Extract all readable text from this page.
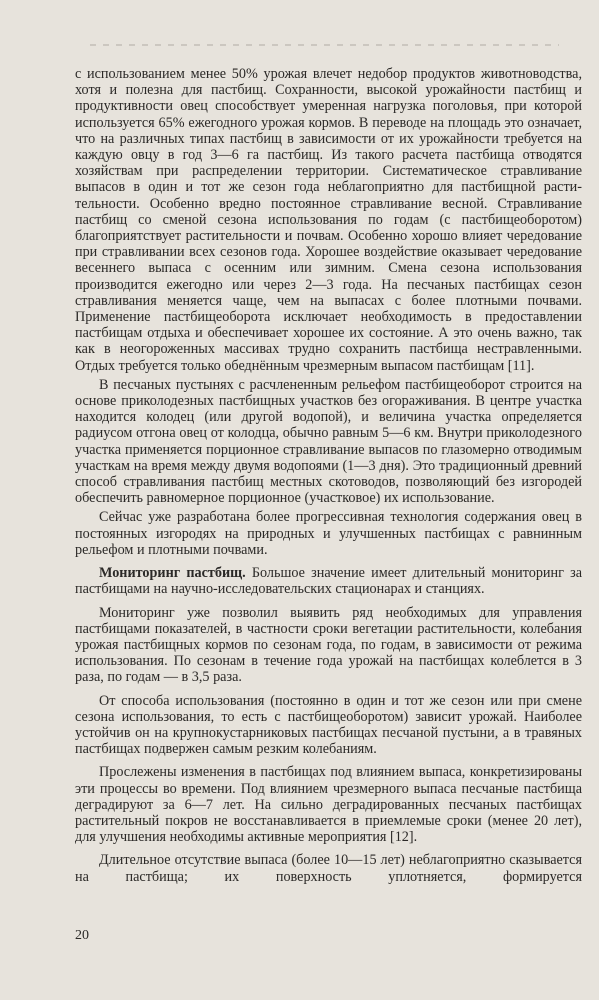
с использованием менее 50% урожая влечет недобор продуктов животноводства, хотя и полезна для пастбищ. Сохранности, высокой урожайности пастбищ и продуктивности овец способствует умеренная нагрузка поголовья, при которой используется 65% ежегодного урожая кормов. В переводе на площадь это означает, что на различных типах пастбищ в зависимости от их урожайности требуется на каждую овцу в год 3—6 га пастбищ. Из такого расчета пастбища отводятся хозяйствам при распределении территории. Систематическое стравливание выпасов в один и тот же сезон года неблагоприятно для пастбищной растительности. Особенно вредно постоянное стравливание весной. Стравливание пастбищ со сменой сезона использования по годам (с пастбищеоборотом) благоприятствует растительности и почвам. Особенно хорошо влияет чередование при стравливании всех сезонов года. Хорошее воздействие оказывает чередование весеннего выпаса с осенним или зимним. Смена сезона использования производится ежегодно или через 2—3 года. На песчаных пастбищах сезон стравливания меняется чаще, чем на выпасах с более плотными почвами. Применение пастбищеоборота исключает необходимость в предоставлении пастбищам отдыха и обеспечивает хорошее их состояние. А это очень важно, так как в неогороженных массивах трудно сохранить пастбища нестравленными. Отдых требуется только обеднённым чрезмерным выпасом пастбищам [11].

В песчаных пустынях с расчлененным рельефом пастбищеоборот строится на основе приколодезных пастбищных участков без огораживания. В центре участка находится колодец (или другой водопой), и величина участка определяется радиусом отгона овец от колодца, обычно равным 5—6 км. Внутри приколодезного участка применяется порционное стравливание выпасов по глазомерно отводимым участкам на время между двумя водопоями (1—3 дня). Это традиционный древний способ стравливания пастбищ местных скотоводов, позволяющий без изгородей обеспечить равномерное порционное (участковое) их использование.

Сейчас уже разработана более прогрессивная технология содержания овец в постоянных изгородях на природных и улучшенных пастбищах с равнинным рельефом и плотными почвами.

Мониторинг пастбищ. Большое значение имеет длительный мониторинг за пастбищами на научно-исследовательских стационарах и станциях.

Мониторинг уже позволил выявить ряд необходимых для управления пастбищами показателей, в частности сроки вегетации растительности, колебания урожая пастбищных кормов по сезонам года, по годам, в зависимости от режима использования. По сезонам в течение года урожай на пастбищах колеблется в 3 раза, по годам — в 3,5 раза.

От способа использования (постоянно в один и тот же сезон или при смене сезона использования, то есть с пастбищеоборотом) зависит урожай. Наиболее устойчив он на крупнокустарниковых пастбищах песчаной пустыни, а в травяных пастбищах подвержен самым резким колебаниям.

Прослежены изменения в пастбищах под влиянием выпаса, конкретизированы эти процессы во времени. Под влиянием чрезмерного выпаса песчаные пастбища деградируют за 6—7 лет. На сильно деградированных песчаных пастбищах растительный покров не восстанавливается в приемлемые сроки (менее 20 лет), для улучшения необходимы активные мероприятия [12].

Длительное отсутствие выпаса (более 10—15 лет) неблагоприятно сказывается на пастбища; их поверхность уплотняется, формируется

20
